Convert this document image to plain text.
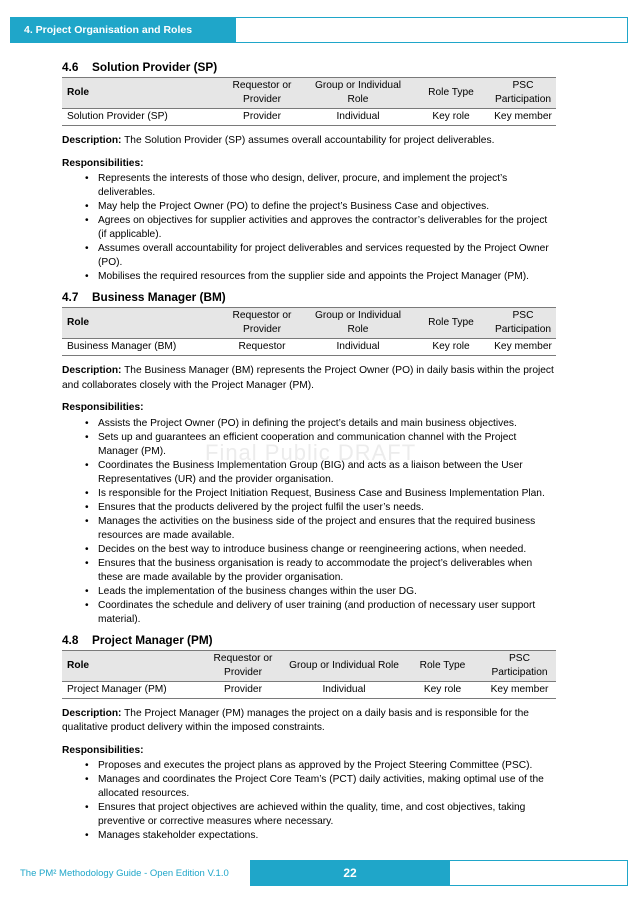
4. Project Organisation and Roles
Final Public DRAFT
4.6	Solution Provider (SP)
Role	Requestor or Provider	Group or Individual Role	Role Type	PSC Participation
Solution Provider (SP)	Provider	Individual	Key role	Key member

Description: The Solution Provider (SP) assumes overall accountability for project deliverables.

Responsibilities:

• Represents the interests of those who design, deliver, procure, and implement the project’s deliverables.
• May help the Project Owner (PO) to define the project’s Business Case and objectives.
• Agrees on objectives for supplier activities and approves the contractor’s deliverables for the project (if applicable).
• Assumes overall accountability for project deliverables and services requested by the Project Owner (PO).
• Mobilises the required resources from the supplier side and appoints the Project Manager (PM).
4.7	Business Manager (BM)
Role	Requestor or Provider	Group or Individual Role	Role Type	PSC Participation
Business Manager (BM)	Requestor	Individual	Key role	Key member

Description: The Business Manager (BM) represents the Project Owner (PO) in daily basis within the project and collaborates closely with the Project Manager (PM).

Responsibilities:

• Assists the Project Owner (PO) in defining the project’s details and main business objectives.
• Sets up and guarantees an efficient cooperation and communication channel with the Project Manager (PM).
• Coordinates the Business Implementation Group (BIG) and acts as a liaison between the User Representatives (UR) and the provider organisation.
• Is responsible for the Project Initiation Request, Business Case and Business Implementation Plan.
• Ensures that the products delivered by the project fulfil the user’s needs.
• Manages the activities on the business side of the project and ensures that the required business resources are made available.
• Decides on the best way to introduce business change or reengineering actions, when needed.
• Ensures that the business organisation is ready to accommodate the project’s deliverables when these are made available by the provider organisation.
• Leads the implementation of the business changes within the user DG.
• Coordinates the schedule and delivery of user training (and production of necessary user support material).
4.8	Project Manager (PM)
Role	Requestor or Provider	Group or Individual Role	Role Type	PSC Participation
Project Manager (PM)	Provider	Individual	Key role	Key member

Description: The Project Manager (PM) manages the project on a daily basis and is responsible for the qualitative product delivery within the imposed constraints.

Responsibilities:

• Proposes and executes the project plans as approved by the Project Steering Committee (PSC).
• Manages and coordinates the Project Core Team’s (PCT) daily activities, making optimal use of the allocated resources.
• Ensures that project objectives are achieved within the quality, time, and cost objectives, taking preventive or corrective measures where necessary.
• Manages stakeholder expectations.
The PM² Methodology Guide - Open Edition V.1.0	22
